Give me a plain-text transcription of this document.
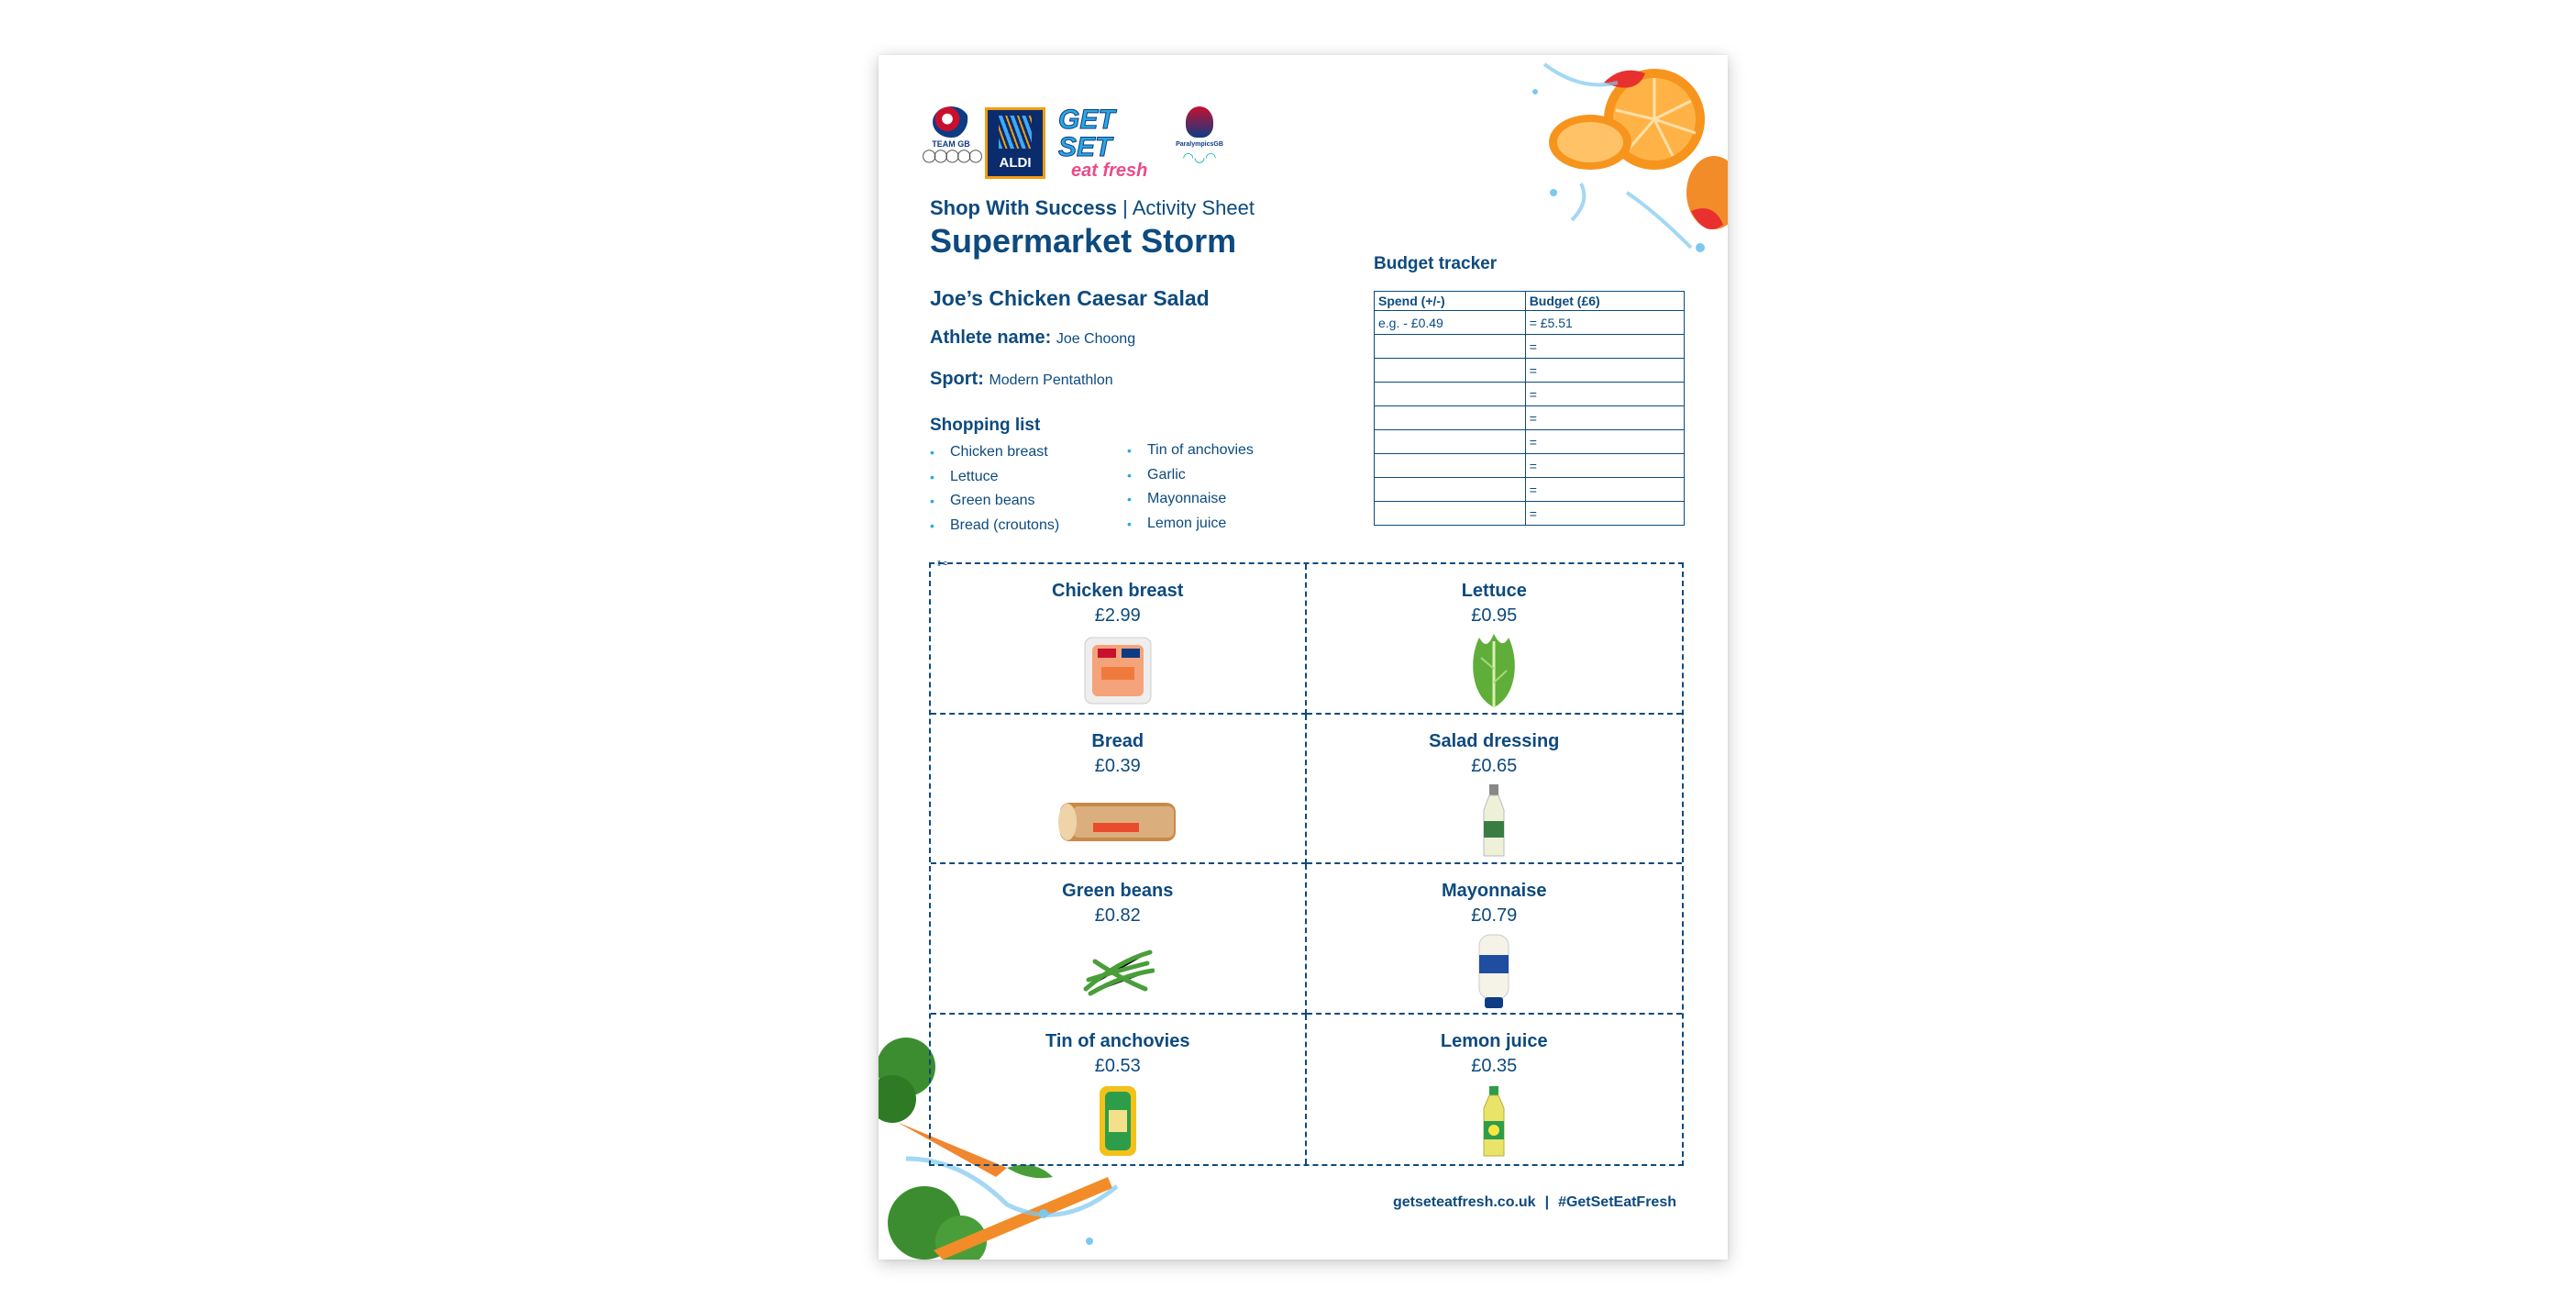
TEAM GB
◯◯◯◯◯ ALDI
GET SET
eat fresh
ParalympicsGB
◠◡◠
Shop With Success | Activity Sheet
Supermarket Storm
Joe’s Chicken Caesar Salad
Athlete name: Joe Choong
Sport: Modern Pentathlon
Shopping list
• Chicken breast
• Lettuce
• Green beans
• Bread (croutons)
• Tin of anchovies
• Garlic
• Mayonnaise
• Lemon juice
Budget tracker
Spend (+/-)	Budget (£6)
e.g. - £0.49	= £5.51
	=
	=
	=
	=
	=
	=
	=
	=
✂
Chicken breast
£2.99
Lettuce
£0.95
Bread
£0.39
Salad dressing
£0.65
Green beans
£0.82
Mayonnaise
£0.79
Tin of anchovies
£0.53
Lemon juice
£0.35
getseteatfresh.co.uk | #GetSetEatFresh
